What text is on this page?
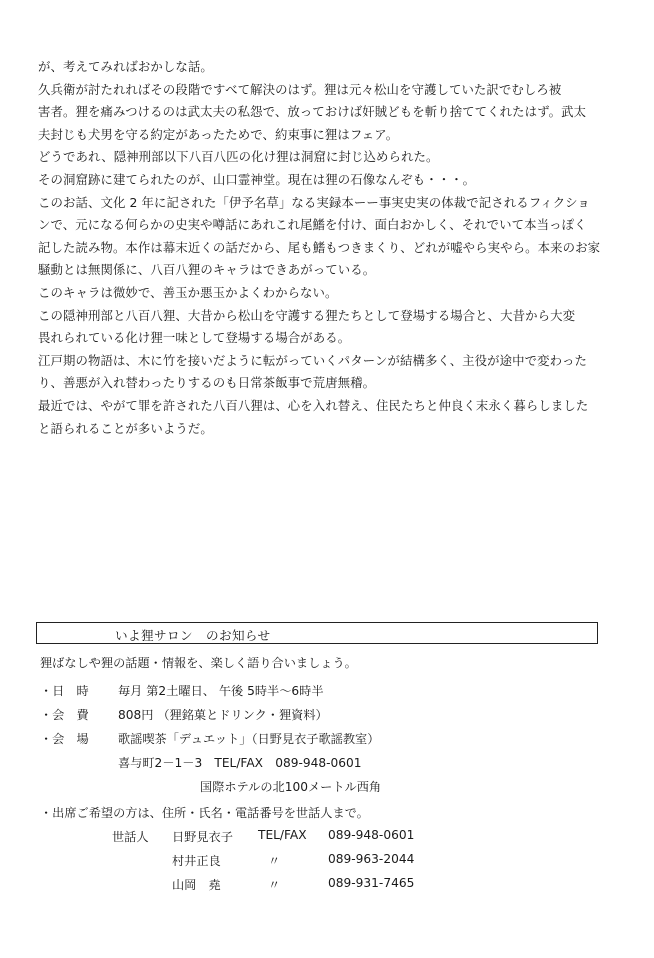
が、考えてみればおかしな話。

久兵衛が討たれればその段階ですべて解決のはず。狸は元々松山を守護していた訳でむしろ被

害者。狸を痛みつけるのは武太夫の私怨で、放っておけば奸賊どもを斬り捨ててくれたはず。武太

夫封じも犬男を守る約定があったためで、約束事に狸はフェア。

どうであれ、隠神刑部以下八百八匹の化け狸は洞窟に封じ込められた。

その洞窟跡に建てられたのが、山口霊神堂。現在は狸の石像なんぞも・・・。

このお話、文化 2 年に記された「伊予名草」なる実録本ーー事実史実の体裁で記されるフィクショ

ンで、元になる何らかの史実や噂話にあれこれ尾鰭を付け、面白おかしく、それでいて本当っぽく

記した読み物。本作は幕末近くの話だから、尾も鰭もつきまくり、どれが嘘やら実やら。本来のお家

騒動とは無関係に、八百八狸のキャラはできあがっている。

このキャラは微妙で、善玉か悪玉かよくわからない。

この隠神刑部と八百八狸、大昔から松山を守護する狸たちとして登場する場合と、大昔から大変

畏れられている化け狸一味として登場する場合がある。

江戸期の物語は、木に竹を接いだように転がっていくパターンが結構多く、主役が途中で変わった

り、善悪が入れ替わったりするのも日常茶飯事で荒唐無稽。

最近では、やがて罪を許された八百八狸は、心を入れ替え、住民たちと仲良く末永く暮らしました

と語られることが多いようだ。

いよ狸サロン　のお知らせ
狸ばなしや狸の話題・情報を、楽しく語り合いましょう。
・日　時 毎月 第2土曜日、 午後 5時半～6時半
・会　費 808円 （狸銘菓とドリンク・狸資料）
・会　場 歌謡喫茶「デュエット」（日野見衣子歌謡教室）
喜与町2－1－3　TEL/FAX　089-948-0601
国際ホテルの北100メートル西角
・出席ご希望の方は、住所・氏名・電話番号を世話人まで。
世話人 日野見衣子 TEL/FAX 089-948-0601
村井正良	〃	089-963-2044
山岡　堯	〃	089-931-7465
